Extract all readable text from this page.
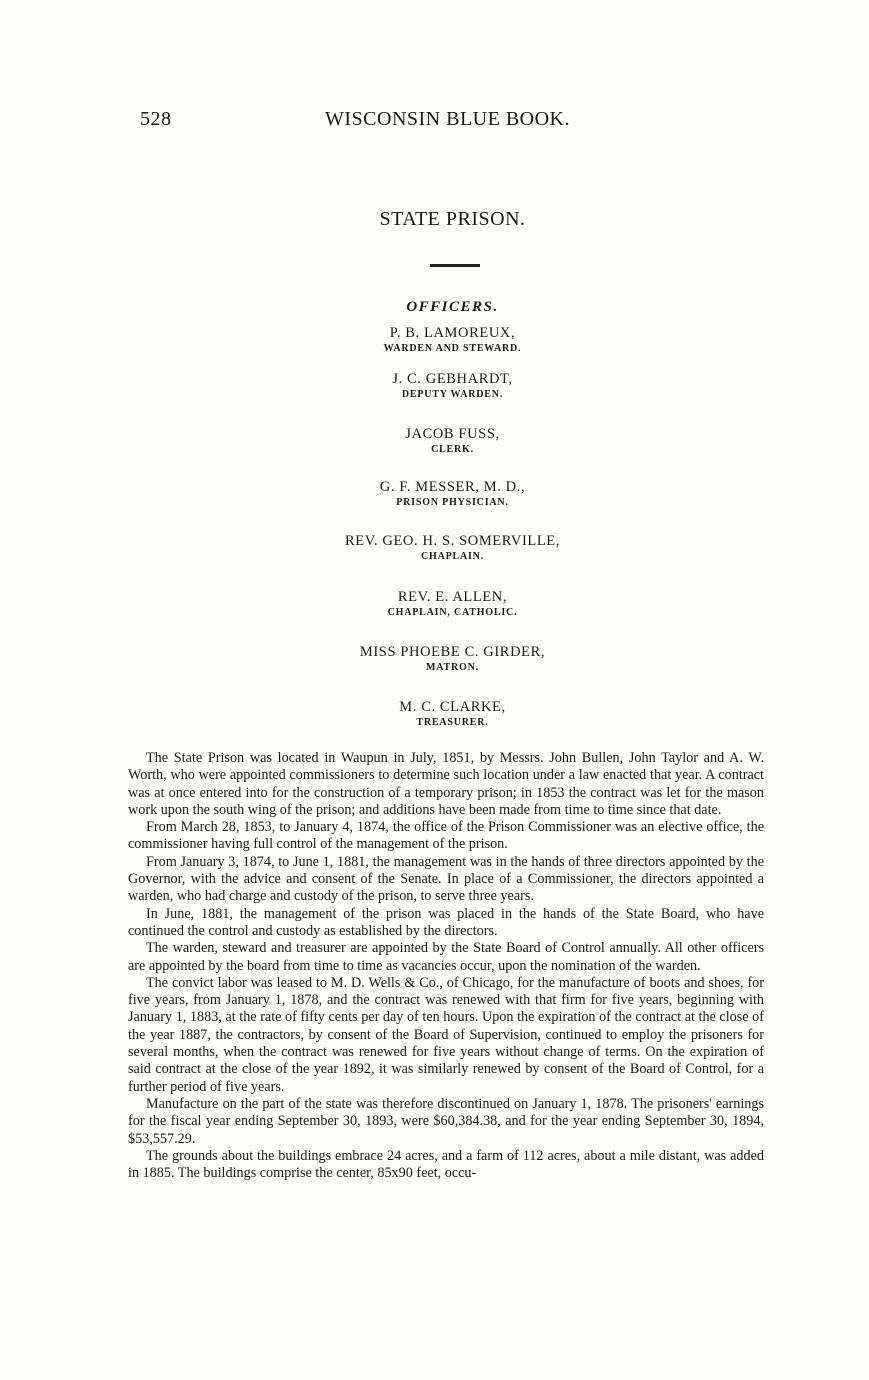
528	WISCONSIN BLUE BOOK.
STATE PRISON.
OFFICERS.
P. B. LAMOREUX,
WARDEN AND STEWARD.
J. C. GEBHARDT,
DEPUTY WARDEN.
JACOB FUSS,
CLERK.
G. F. MESSER, M. D.,
PRISON PHYSICIAN.
REV. GEO. H. S. SOMERVILLE,
CHAPLAIN.
REV. E. ALLEN,
CHAPLAIN, CATHOLIC.
MISS PHOEBE C. GIRDER,
MATRON.
M. C. CLARKE,
TREASURER.

The State Prison was located in Waupun in July, 1851, by Messrs. John Bullen, John Taylor and A. W. Worth, who were appointed commissioners to determine such location under a law enacted that year. A contract was at once entered into for the construction of a temporary prison; in 1853 the contract was let for the mason work upon the south wing of the prison; and additions have been made from time to time since that date.

From March 28, 1853, to January 4, 1874, the office of the Prison Commissioner was an elective office, the commissioner having full control of the management of the prison.

From January 3, 1874, to June 1, 1881, the management was in the hands of three directors appointed by the Governor, with the advice and consent of the Senate. In place of a Commissioner, the directors appointed a warden, who had charge and custody of the prison, to serve three years.

In June, 1881, the management of the prison was placed in the hands of the State Board, who have continued the control and custody as established by the directors.

The warden, steward and treasurer are appointed by the State Board of Control annually. All other officers are appointed by the board from time to time as vacancies occur, upon the nomination of the warden.

The convict labor was leased to M. D. Wells & Co., of Chicago, for the manufacture of boots and shoes, for five years, from January 1, 1878, and the contract was renewed with that firm for five years, beginning with January 1, 1883, at the rate of fifty cents per day of ten hours. Upon the expiration of the contract at the close of the year 1887, the contractors, by consent of the Board of Supervision, continued to employ the prisoners for several months, when the contract was renewed for five years without change of terms. On the expiration of said contract at the close of the year 1892, it was similarly renewed by consent of the Board of Control, for a further period of five years.

Manufacture on the part of the state was therefore discontinued on January 1, 1878. The prisoners' earnings for the fiscal year ending September 30, 1893, were $60,384.38, and for the year ending September 30, 1894, $53,557.29.

The grounds about the buildings embrace 24 acres, and a farm of 112 acres, about a mile distant, was added in 1885. The buildings comprise the center, 85x90 feet, occu-
